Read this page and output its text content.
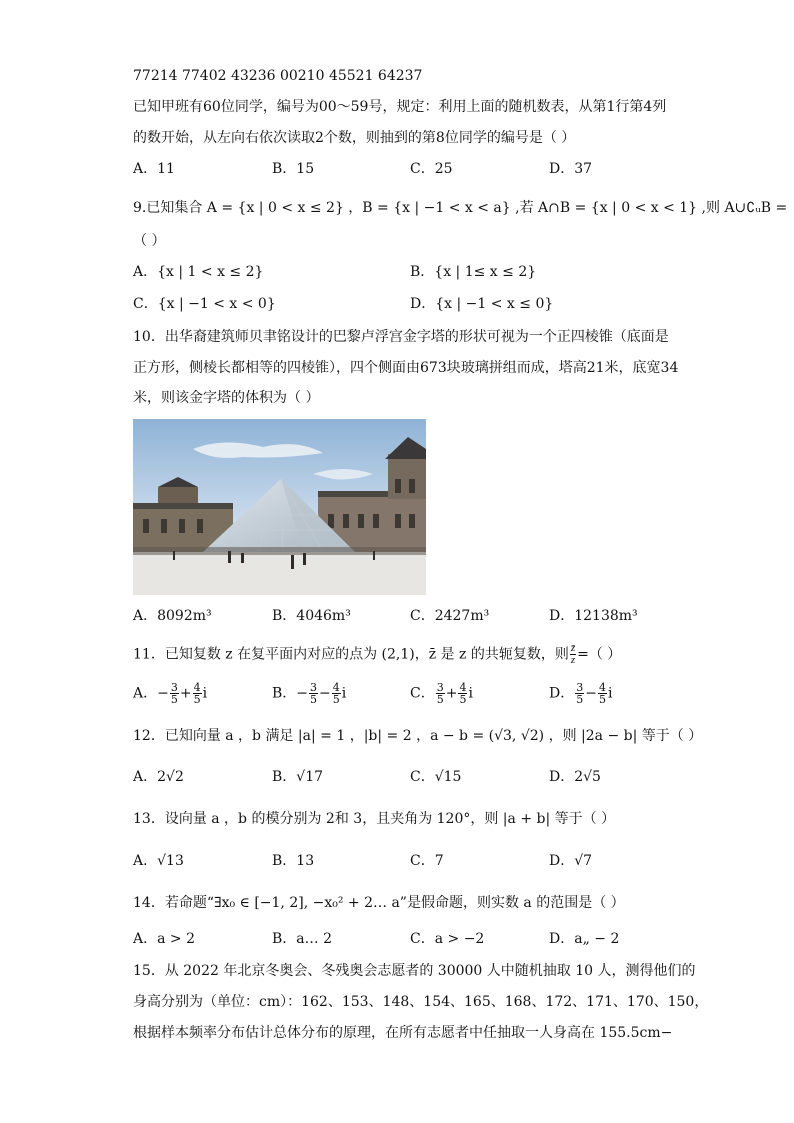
77214 77402 43236 00210 45521 64237
已知甲班有60位同学，编号为00～59号，规定：利用上面的随机数表，从第1行第4列
的数开始，从左向右依次读取2个数，则抽到的第8位同学的编号是（ ）
A．11	B．15	C．25	D．37
9.已知集合 A = {x | 0 < x ≤ 2} ，B = {x | −1 < x < a} ,若 A∩B = {x | 0 < x < 1} ,则 A∪∁ᵤB =
（ ）
A．{x | 1 < x ≤ 2}	B．{x | 1≤ x ≤ 2}
C．{x | −1 < x < 0}	D．{x | −1 < x ≤ 0}
10．出华裔建筑师贝聿铭设计的巴黎卢浮宫金字塔的形状可视为一个正四棱锥（底面是
正方形，侧棱长都相等的四棱锥），四个侧面由673块玻璃拼组而成，塔高21米，底宽34
米，则该金字塔的体积为（ ）
A．8092m³	B．4046m³	C．2427m³	D．12138m³
11．已知复数 z 在复平面内对应的点为 (2,1)，z̄ 是 z 的共轭复数，则 $\frac{z̄}{z}$ =（ ）
A．− $\frac{3}{5} + \frac{4}{5}$ i	B．− $\frac{3}{5} - \frac{4}{5}$ i	C． $\frac{3}{5} + \frac{4}{5}$ i	D． $\frac{3}{5} - \frac{4}{5}$ i
12．已知向量 a ，b 满足 |a| = 1 ，|b| = 2 ，a − b = (√3, √2) ，则 |2a − b| 等于（ ）
A．2√2	B．√17	C．√15	D．2√5
13．设向量 a ，b 的模分别为 2和 3，且夹角为 120°，则 |a + b| 等于（ ）
A．√13	B．13	C．7	D．√7
14．若命题“∃x₀ ∈ [−1, 2], −x₀² + 2… a”是假命题，则实数 a 的范围是（ ）
A．a > 2	B．a… 2	C．a > −2	D．a„ − 2
15．从 2022 年北京冬奥会、冬残奥会志愿者的 30000 人中随机抽取 10 人，测得他们的
身高分别为（单位：cm）：162、153、148、154、165、168、172、171、170、150，
根据样本频率分布估计总体分布的原理，在所有志愿者中任抽取一人身高在 155.5cm−
